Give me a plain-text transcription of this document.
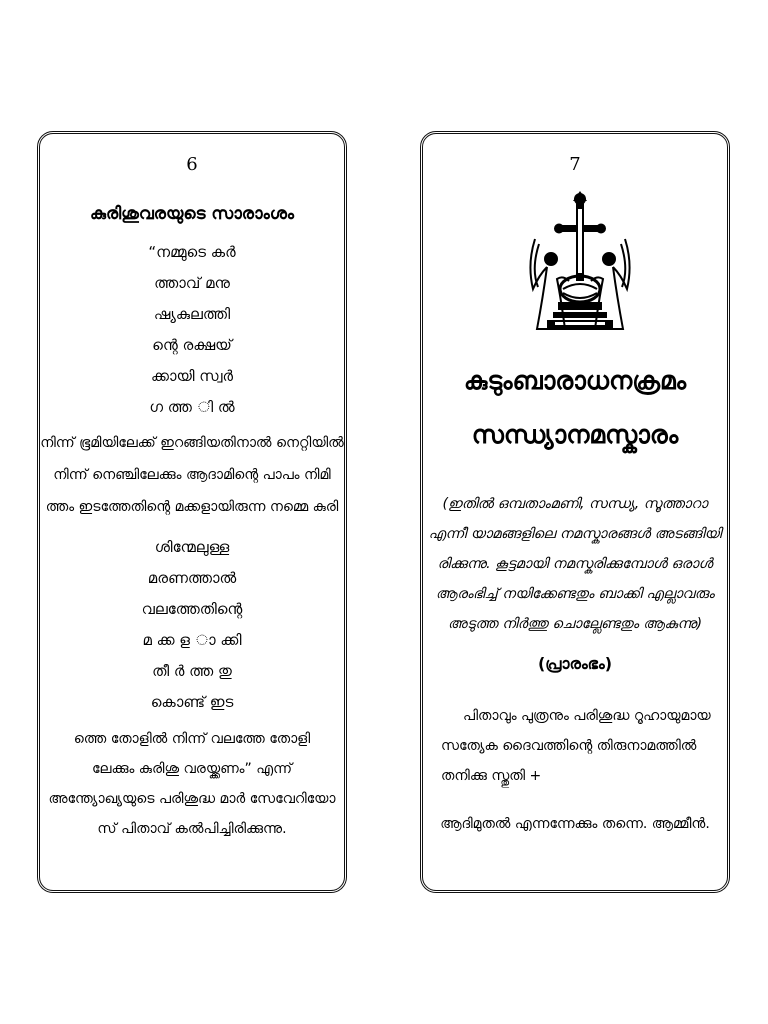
6
കുരിശുവരയുടെ സാരാംശം
“നമ്മുടെ കര്‍
ത്താവ് മനു
ഷ്യകുലത്തി
ന്റെ രക്ഷയ്
ക്കായി സ്വര്‍
ഗ ത്ത ി ല്‍
നിന്ന് ഭൂമിയിലേക്ക് ഇറങ്ങിയതിനാല്‍ നെറ്റിയില്‍
നിന്ന് നെഞ്ചിലേക്കും ആദാമിന്റെ പാപം നിമി
ത്തം ഇടത്തേതിന്റെ മക്കളായിരുന്ന നമ്മെ കുരി
ശിന്മേലുള്ള
മരണത്താല്‍
വലത്തേതിന്റെ
മ ക്ക ള ാ ക്കി
തീ ര്‍ ത്ത തു
കൊണ്ട് ഇട
ത്തെ തോളില്‍ നിന്ന് വലത്തേ തോളി
ലേക്കും കുരിശു വരയ്ക്കണം” എന്ന്
അന്ത്യോഖ്യയുടെ പരിശുദ്ധ മാര്‍ സേവേറിയോ
സ് പിതാവ് കല്‍പിച്ചിരിക്കുന്നു.
7
കുടുംബാരാധനക്രമം
സന്ധ്യാനമസ്കാരം
(ഇതില്‍ ഒമ്പതാംമണി, സന്ധ്യ, സൂത്താറാ
എന്നീ യാമങ്ങളിലെ നമസ്കാരങ്ങള്‍ അടങ്ങിയി
രിക്കുന്നു. കൂട്ടമായി നമസ്കരിക്കുമ്പോള്‍ ഒരാള്‍
ആരംഭിച്ച് നയിക്കേണ്ടതും ബാക്കി എല്ലാവരും
അടുത്ത നിര്‍ത്തു ചൊല്ലേണ്ടതും ആകുന്നു)
(പ്രാരംഭം)
പിതാവും പുത്രനും പരിശുദ്ധ റൂഹായുമായ
സത്യേക ദൈവത്തിന്റെ തിരുനാമത്തില്‍
തനിക്കു സ്തുതി +
ആദിമുതല്‍ എന്നന്നേക്കും തന്നെ. ആമ്മീന്‍.
